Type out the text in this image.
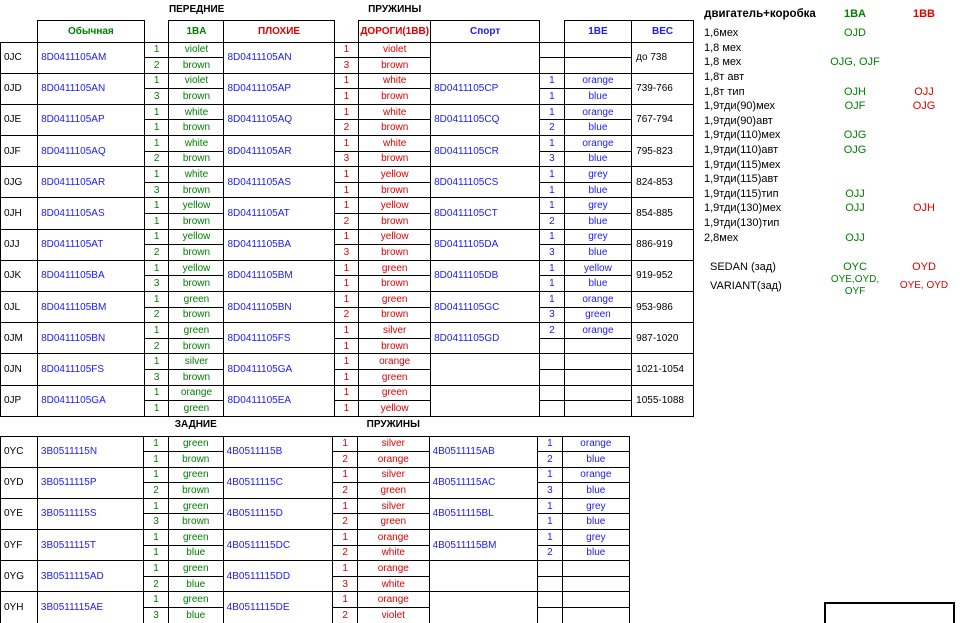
			ПЕРЕДНИЕ			ПРУЖИНЫ				
	Обычная		1BA	ПЛОХИЕ		ДОРОГИ(1BB)	Спорт		1BE	ВЕС
0JC	8D0411105AM	1	violet	8D0411105AN	1	violet				до 738
		2	brown		3	brown				
0JD	8D0411105AN	1	violet	8D0411105AP	1	white	8D0411105CP	1	orange	739-766
		3	brown		1	brown		1	blue	
0JE	8D0411105AP	1	white	8D0411105AQ	1	white	8D0411105CQ	1	orange	767-794
		1	brown		2	brown		2	blue	
0JF	8D0411105AQ	1	white	8D0411105AR	1	white	8D0411105CR	1	orange	795-823
		2	brown		3	brown		3	blue	
0JG	8D0411105AR	1	white	8D0411105AS	1	yellow	8D0411105CS	1	grey	824-853
		3	brown		1	brown		1	blue	
0JH	8D0411105AS	1	yellow	8D0411105AT	1	yellow	8D0411105CT	1	grey	854-885
		1	brown		2	brown		2	blue	
0JJ	8D0411105AT	1	yellow	8D0411105BA	1	yellow	8D0411105DA	1	grey	886-919
		2	brown		3	brown		3	blue	
0JK	8D0411105BA	1	yellow	8D0411105BM	1	green	8D0411105DB	1	yellow	919-952
		3	brown		1	brown		1	blue	
0JL	8D0411105BM	1	green	8D0411105BN	1	green	8D0411105GC	1	orange	953-986
		2	brown		2	brown		3	green	
0JM	8D0411105BN	1	green	8D0411105FS	1	silver	8D0411105GD	2	orange	987-1020
		2	brown		1	brown				
0JN	8D0411105FS	1	silver	8D0411105GA	1	orange				1021-1054
		3	brown		1	green				
0JP	8D0411105GA	1	orange	8D0411105EA	1	green				1055-1088
		1	green		1	yellow				
			ЗАДНИЕ			ПРУЖИНЫ			
0YC	3B0511115N	1	green	4B0511115B	1	silver	4B0511115AB	1	orange
		1	brown		2	orange		2	blue
0YD	3B0511115P	1	green	4B0511115C	1	silver	4B0511115AC	1	orange
		2	brown		2	green		3	blue
0YE	3B0511115S	1	green	4B0511115D	1	silver	4B0511115BL	1	grey
		3	brown		2	green		1	blue
0YF	3B0511115T	1	green	4B0511115DC	1	orange	4B0511115BM	1	grey
		1	blue		2	white		2	blue
0YG	3B0511115AD	1	green	4B0511115DD	1	orange			
		2	blue		3	white			
0YH	3B0511115AE	1	green	4B0511115DE	1	orange			
		3	blue		2	violet			
двигатель+коробка	1BA	1BB
1,6мех	OJD	
1,8 мех		
1,8 мех	OJG, OJF	
1,8т авт		
1,8т тип	OJH	OJJ
1,9тди(90)мех	OJF	OJG
1,9тди(90)авт		
1,9тди(110)мех	OJG	
1,9тди(110)авт	OJG	
1,9тди(115)мех		
1,9тди(115)авт		
1,9тди(115)тип	OJJ	
1,9тди(130)мех	OJJ	OJH
1,9тди(130)тип		
2,8мех	OJJ	

SEDAN (зад)	OYC	OYD
VARIANT(зад)	OYE,OYD, OYF	OYE, OYD
